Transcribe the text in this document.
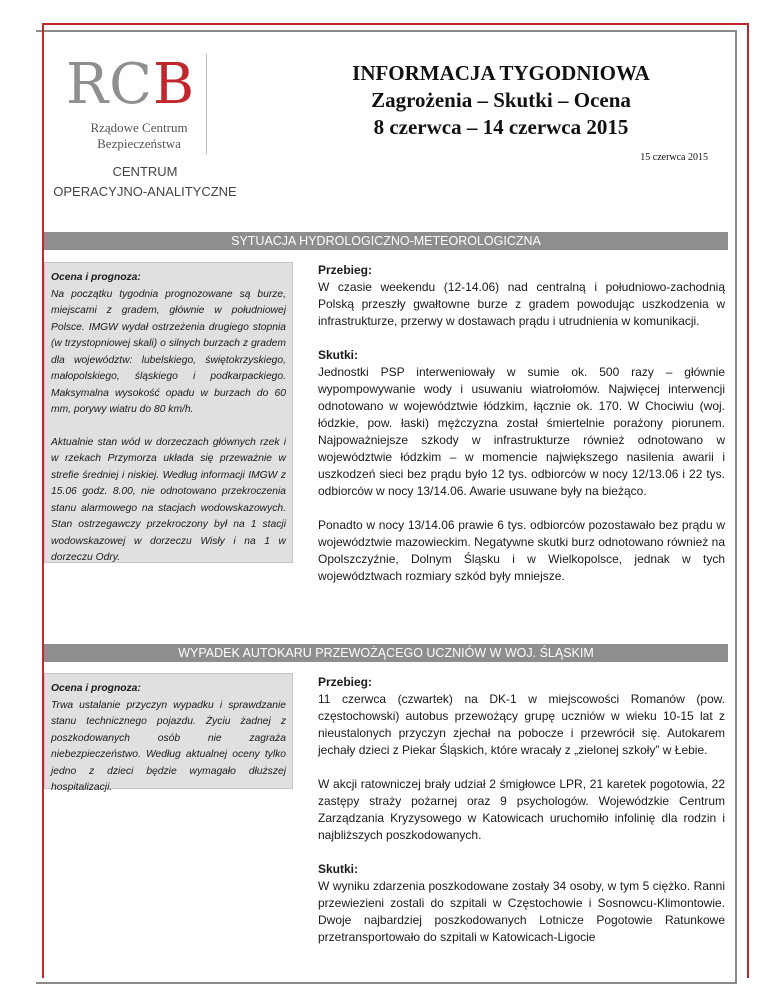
RCB
Rządowe Centrum
Bezpieczeństwa
CENTRUM
OPERACYJNO-ANALITYCZNE
INFORMACJA TYGODNIOWA
Zagrożenia – Skutki – Ocena
8 czerwca – 14 czerwca 2015
15 czerwca 2015
SYTUACJA HYDROLOGICZNO-METEOROLOGICZNA
Ocena i prognoza:

Na początku tygodnia prognozowane są burze, miejscami z gradem, głównie w południowej Polsce. IMGW wydał ostrzeżenia drugiego stopnia (w trzystopniowej skali) o silnych burzach z gradem dla województw: lubelskiego, świętokrzyskiego, małopolskiego, śląskiego i podkarpackiego. Maksymalna wysokość opadu w burzach do 60 mm, porywy wiatru do 80 km/h.

Aktualnie stan wód w dorzeczach głównych rzek i w rzekach Przymorza układa się przeważnie w strefie średniej i niskiej. Według informacji IMGW z 15.06 godz. 8.00, nie odnotowano przekroczenia stanu alarmowego na stacjach wodowskazowych. Stan ostrzegawczy przekroczony był na 1 stacji wodowskazowej w dorzeczu Wisły i na 1 w dorzeczu Odry.

Przebieg:

W czasie weekendu (12-14.06) nad centralną i południowo-zachodnią Polską przeszły gwałtowne burze z gradem powodując uszkodzenia w infrastrukturze, przerwy w dostawach prądu i utrudnienia w komunikacji.

Skutki:

Jednostki PSP interweniowały w sumie ok. 500 razy – głównie wypompowywanie wody i usuwaniu wiatrołomów. Najwięcej interwencji odnotowano w województwie łódzkim, łącznie ok. 170. W Chociwiu (woj. łódzkie, pow. łaski) mężczyzna został śmiertelnie porażony piorunem. Najpoważniejsze szkody w infrastrukturze również odnotowano w województwie łódzkim – w momencie największego nasilenia awarii i uszkodzeń sieci bez prądu było 12 tys. odbiorców w nocy 12/13.06 i 22 tys. odbiorców w nocy 13/14.06. Awarie usuwane były na bieżąco.

Ponadto w nocy 13/14.06 prawie 6 tys. odbiorców pozostawało bez prądu w województwie mazowieckim. Negatywne skutki burz odnotowano również na Opolszczyźnie, Dolnym Śląsku i w Wielkopolsce, jednak w tych województwach rozmiary szkód były mniejsze.

WYPADEK AUTOKARU PRZEWOŻĄCEGO UCZNIÓW W WOJ. ŚLĄSKIM
Ocena i prognoza:

Trwa ustalanie przyczyn wypadku i sprawdzanie stanu technicznego pojazdu. Życiu żadnej z poszkodowanych osób nie zagraża niebezpieczeństwo. Według aktualnej oceny tylko jedno z dzieci będzie wymagało dłuższej hospitalizacji.

Przebieg:

11 czerwca (czwartek) na DK-1 w miejscowości Romanów (pow. częstochowski) autobus przewożący grupę uczniów w wieku 10-15 lat z nieustalonych przyczyn zjechał na pobocze i przewrócił się. Autokarem jechały dzieci z Piekar Śląskich, które wracały z „zielonej szkoły” w Łebie.

W akcji ratowniczej brały udział 2 śmigłowce LPR, 21 karetek pogotowia, 22 zastępy straży pożarnej oraz 9 psychologów. Wojewódzkie Centrum Zarządzania Kryzysowego w Katowicach uruchomiło infolinię dla rodzin i najbliższych poszkodowanych.

Skutki:

W wyniku zdarzenia poszkodowane zostały 34 osoby, w tym 5 ciężko. Ranni przewiezieni zostali do szpitali w Częstochowie i Sosnowcu-Klimontowie. Dwoje najbardziej poszkodowanych Lotnicze Pogotowie Ratunkowe przetransportowało do szpitali w Katowicach-Ligocie
